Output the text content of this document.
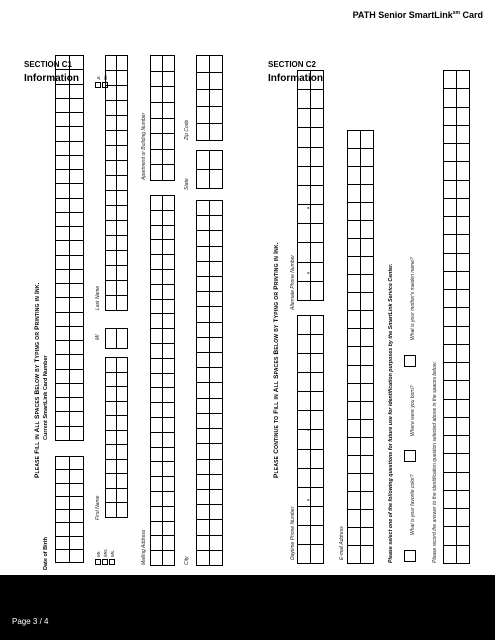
PATH Senior SmartLink$^{sm}$ Card
SECTION C1
Information
Please Fill in All Spaces Below by Typing or Printing in Ink.
Date of Birth
Current SmartLink Card Number
Mr. Mrs. Ms.
Jr. Sr.
First Name
MI
Last Name
Mailing Address
Apartment or Building Number
City
State
Zip Code
SECTION C2
Information
Please Continue to Fill in All Spaces Below by Typing or Printing in Ink.
Daytime Phone Number
Alternate Phone Number
-
-
-
-
E-mail Address	Please select one of the following questions for future use for identification purposes by the SmartLink Service Center.	What is your favorite color?
Where were you born?
What is your mother's maiden name?
Please record the answer to the identification question selected above in the spaces below:
Page 3 / 4
